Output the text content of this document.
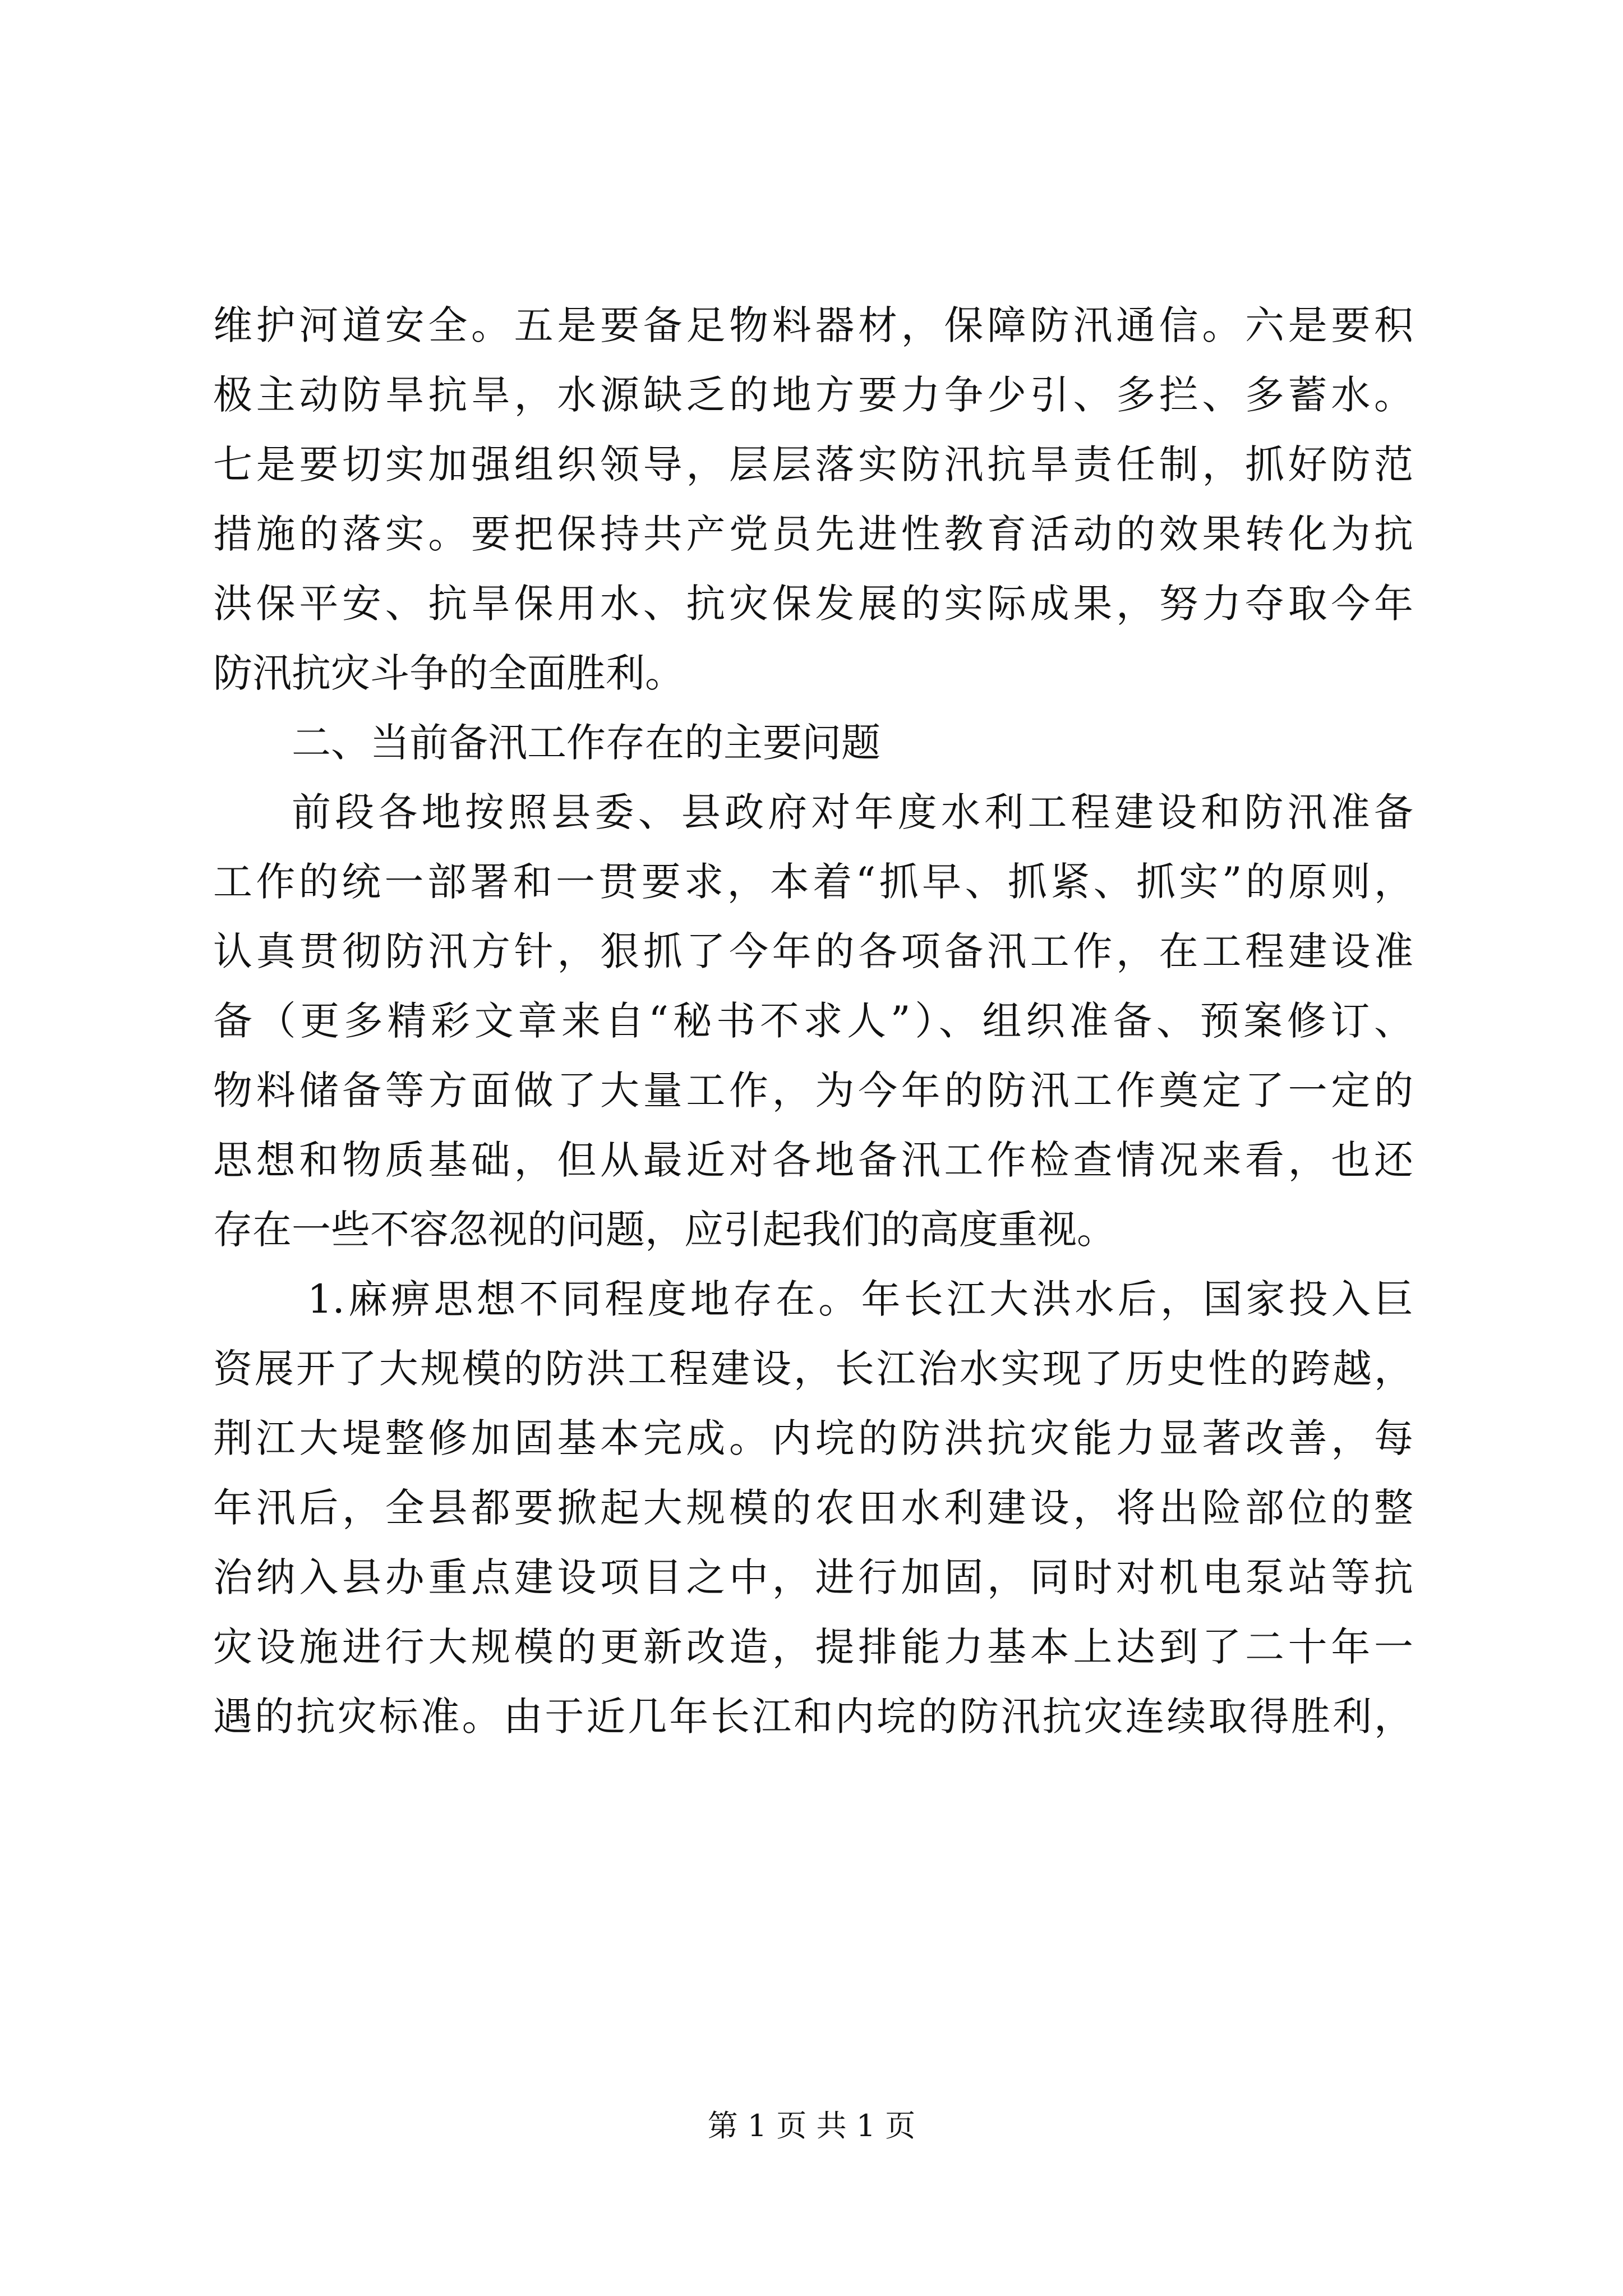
维护河道安全。五是要备足物料器材，保障防汛通信。六是要积
极主动防旱抗旱，水源缺乏的地方要力争少引、多拦、多蓄水。
七是要切实加强组织领导，层层落实防汛抗旱责任制，抓好防范
措施的落实。要把保持共产党员先进性教育活动的效果转化为抗
洪保平安、抗旱保用水、抗灾保发展的实际成果，努力夺取今年
防汛抗灾斗争的全面胜利。
二、当前备汛工作存在的主要问题
前段各地按照县委、县政府对年度水利工程建设和防汛准备
工作的统一部署和一贯要求，本着“抓早、抓紧、抓实”的原则，
认真贯彻防汛方针，狠抓了今年的各项备汛工作，在工程建设准
备（更多精彩文章来自“秘书不求人”）、组织准备、预案修订、
物料储备等方面做了大量工作，为今年的防汛工作奠定了一定的
思想和物质基础，但从最近对各地备汛工作检查情况来看，也还
存在一些不容忽视的问题，应引起我们的高度重视。
1.麻痹思想不同程度地存在。年长江大洪水后，国家投入巨
资展开了大规模的防洪工程建设，长江治水实现了历史性的跨越，
荆江大堤整修加固基本完成。内垸的防洪抗灾能力显著改善，每
年汛后，全县都要掀起大规模的农田水利建设，将出险部位的整
治纳入县办重点建设项目之中，进行加固，同时对机电泵站等抗
灾设施进行大规模的更新改造，提排能力基本上达到了二十年一
遇的抗灾标准。由于近几年长江和内垸的防汛抗灾连续取得胜利，
第 1 页 共 1 页
